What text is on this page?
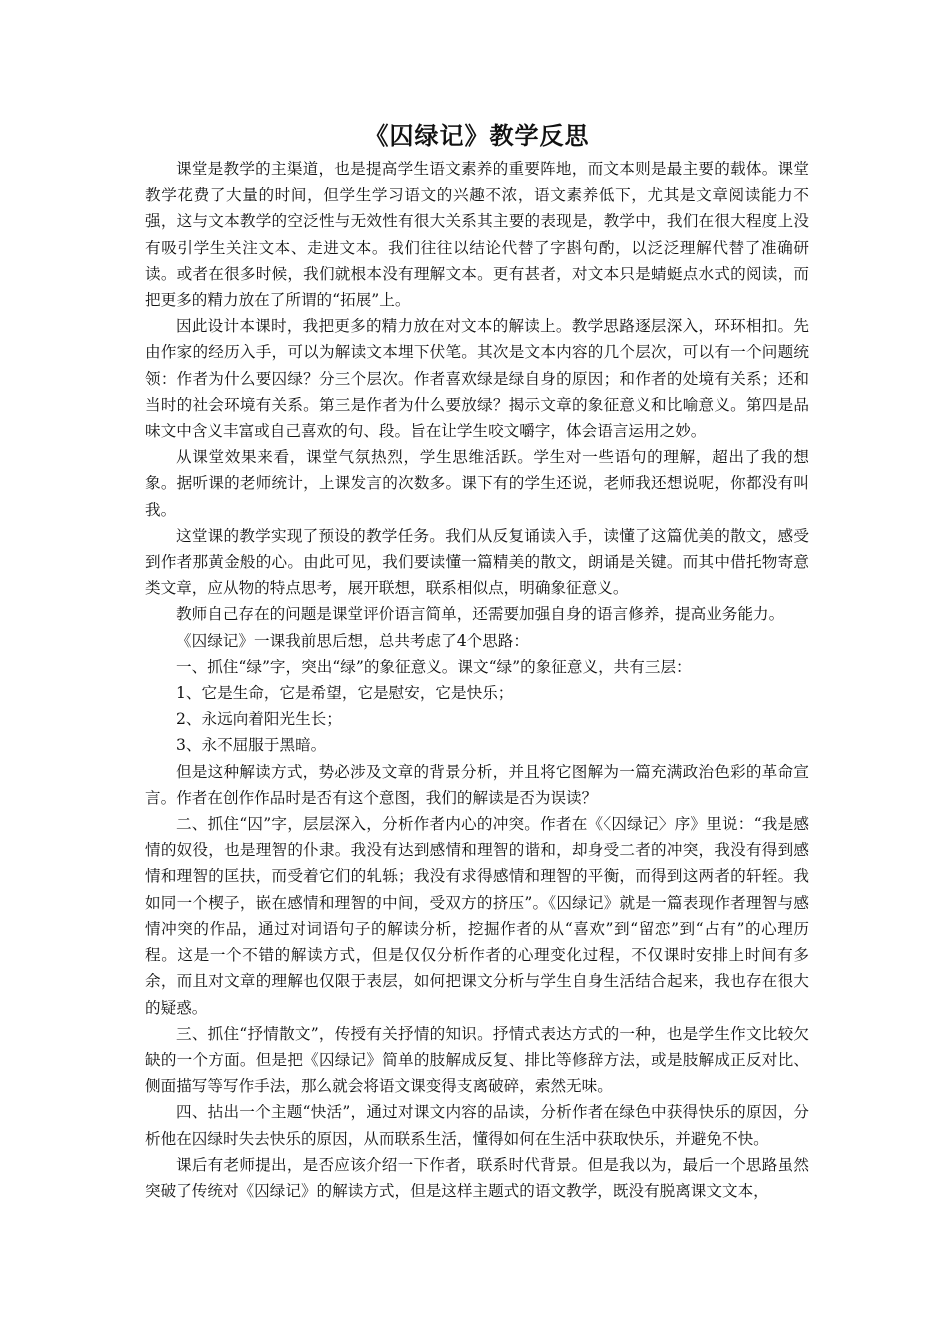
《囚绿记》教学反思

课堂是教学的主渠道，也是提高学生语文素养的重要阵地，而文本则是最主要的载体。课堂教学花费了大量的时间，但学生学习语文的兴趣不浓，语文素养低下，尤其是文章阅读能力不强，这与文本教学的空泛性与无效性有很大关系其主要的表现是，教学中，我们在很大程度上没有吸引学生关注文本、走进文本。我们往往以结论代替了字斟句酌，以泛泛理解代替了准确研读。或者在很多时候，我们就根本没有理解文本。更有甚者，对文本只是蜻蜓点水式的阅读，而把更多的精力放在了所谓的“拓展”上。

因此设计本课时，我把更多的精力放在对文本的解读上。教学思路逐层深入，环环相扣。先由作家的经历入手，可以为解读文本埋下伏笔。其次是文本内容的几个层次，可以有一个问题统领：作者为什么要囚绿？分三个层次。作者喜欢绿是绿自身的原因；和作者的处境有关系；还和当时的社会环境有关系。第三是作者为什么要放绿？揭示文章的象征意义和比喻意义。第四是品味文中含义丰富或自己喜欢的句、段。旨在让学生咬文嚼字，体会语言运用之妙。

从课堂效果来看，课堂气氛热烈，学生思维活跃。学生对一些语句的理解，超出了我的想象。据听课的老师统计，上课发言的次数多。课下有的学生还说，老师我还想说呢，你都没有叫我。

这堂课的教学实现了预设的教学任务。我们从反复诵读入手，读懂了这篇优美的散文，感受到作者那黄金般的心。由此可见，我们要读懂一篇精美的散文，朗诵是关键。而其中借托物寄意类文章，应从物的特点思考，展开联想，联系相似点，明确象征意义。

教师自己存在的问题是课堂评价语言简单，还需要加强自身的语言修养，提高业务能力。

《囚绿记》一课我前思后想，总共考虑了4个思路：

一、抓住“绿”字，突出“绿”的象征意义。课文“绿”的象征意义，共有三层：

1、它是生命，它是希望，它是慰安，它是快乐；

2、永远向着阳光生长；

3、永不屈服于黑暗。

但是这种解读方式，势必涉及文章的背景分析，并且将它图解为一篇充满政治色彩的革命宣言。作者在创作作品时是否有这个意图，我们的解读是否为误读？

二、抓住“囚”字，层层深入，分析作者内心的冲突。作者在《〈囚绿记〉序》里说：“我是感情的奴役，也是理智的仆隶。我没有达到感情和理智的谐和，却身受二者的冲突，我没有得到感情和理智的匡扶，而受着它们的轧轹；我没有求得感情和理智的平衡，而得到这两者的轩轾。我如同一个楔子，嵌在感情和理智的中间，受双方的挤压”。《囚绿记》就是一篇表现作者理智与感情冲突的作品，通过对词语句子的解读分析，挖掘作者的从“喜欢”到“留恋”到“占有”的心理历程。这是一个不错的解读方式，但是仅仅分析作者的心理变化过程，不仅课时安排上时间有多余，而且对文章的理解也仅限于表层，如何把课文分析与学生自身生活结合起来，我也存在很大的疑惑。

三、抓住“抒情散文”，传授有关抒情的知识。抒情式表达方式的一种，也是学生作文比较欠缺的一个方面。但是把《囚绿记》简单的肢解成反复、排比等修辞方法，或是肢解成正反对比、侧面描写等写作手法，那么就会将语文课变得支离破碎，索然无味。

四、拈出一个主题“快活”，通过对课文内容的品读，分析作者在绿色中获得快乐的原因，分析他在囚绿时失去快乐的原因，从而联系生活，懂得如何在生活中获取快乐，并避免不快。

课后有老师提出，是否应该介绍一下作者，联系时代背景。但是我以为，最后一个思路虽然突破了传统对《囚绿记》的解读方式，但是这样主题式的语文教学，既没有脱离课文文本，
